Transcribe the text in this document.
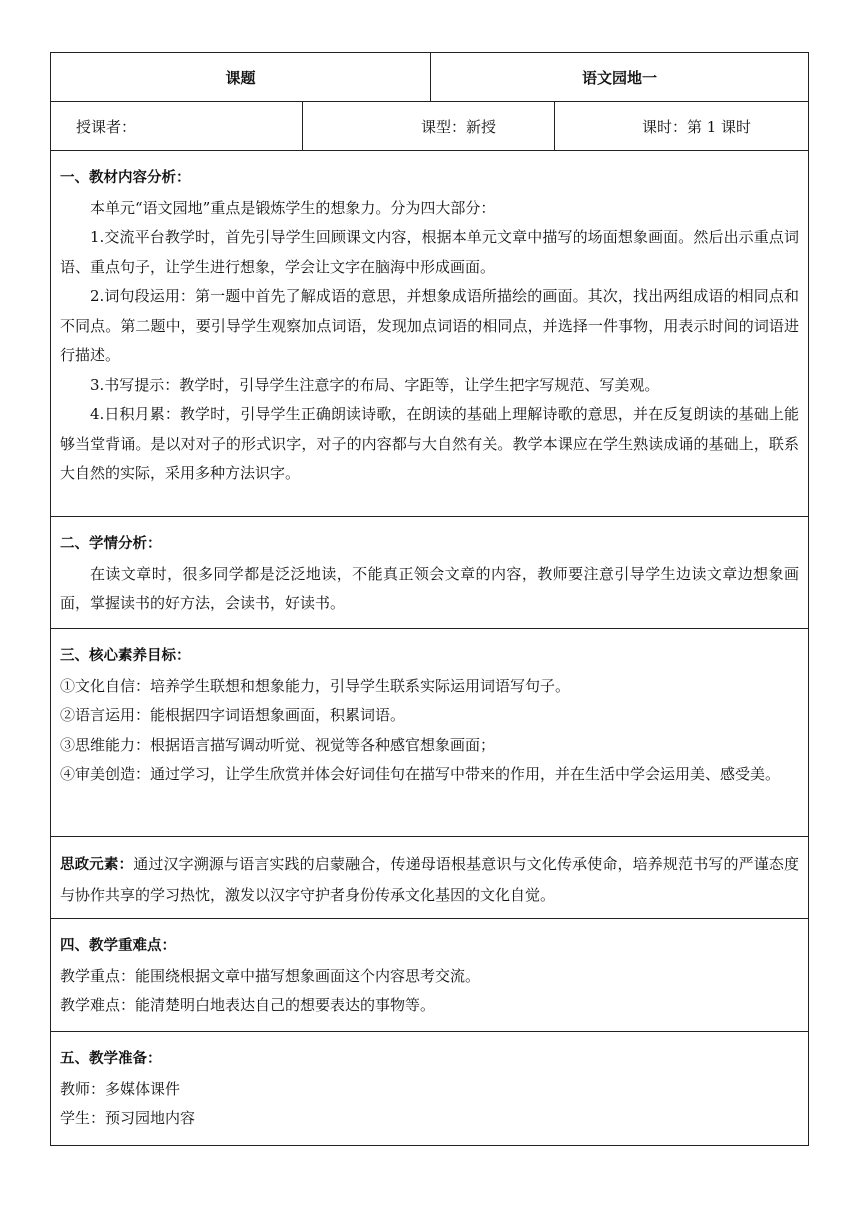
课题	语文园地一
授课者：	课型：新授	课时：第 1 课时
一、教材内容分析：

本单元“语文园地”重点是锻炼学生的想象力。分为四大部分：

1.交流平台教学时，首先引导学生回顾课文内容，根据本单元文章中描写的场面想象画面。然后出示重点词语、重点句子，让学生进行想象，学会让文字在脑海中形成画面。

2.词句段运用：第一题中首先了解成语的意思，并想象成语所描绘的画面。其次，找出两组成语的相同点和不同点。第二题中，要引导学生观察加点词语，发现加点词语的相同点，并选择一件事物，用表示时间的词语进行描述。

3.书写提示：教学时，引导学生注意字的布局、字距等，让学生把字写规范、写美观。

4.日积月累：教学时，引导学生正确朗读诗歌，在朗读的基础上理解诗歌的意思，并在反复朗读的基础上能够当堂背诵。是以对对子的形式识字，对子的内容都与大自然有关。教学本课应在学生熟读成诵的基础上，联系大自然的实际，采用多种方法识字。

二、学情分析：

在读文章时，很多同学都是泛泛地读，不能真正领会文章的内容，教师要注意引导学生边读文章边想象画面，掌握读书的好方法，会读书，好读书。

三、核心素养目标：

①文化自信：培养学生联想和想象能力，引导学生联系实际运用词语写句子。

②语言运用：能根据四字词语想象画面，积累词语。

③思维能力：根据语言描写调动听觉、视觉等各种感官想象画面；

④审美创造：通过学习，让学生欣赏并体会好词佳句在描写中带来的作用，并在生活中学会运用美、感受美。

思政元素：通过汉字溯源与语言实践的启蒙融合，传递母语根基意识与文化传承使命，培养规范书写的严谨态度与协作共享的学习热忱，激发以汉字守护者身份传承文化基因的文化自觉。

四、教学重难点：

教学重点：能围绕根据文章中描写想象画面这个内容思考交流。

教学难点：能清楚明白地表达自己的想要表达的事物等。

五、教学准备：

教师：多媒体课件

学生：预习园地内容
